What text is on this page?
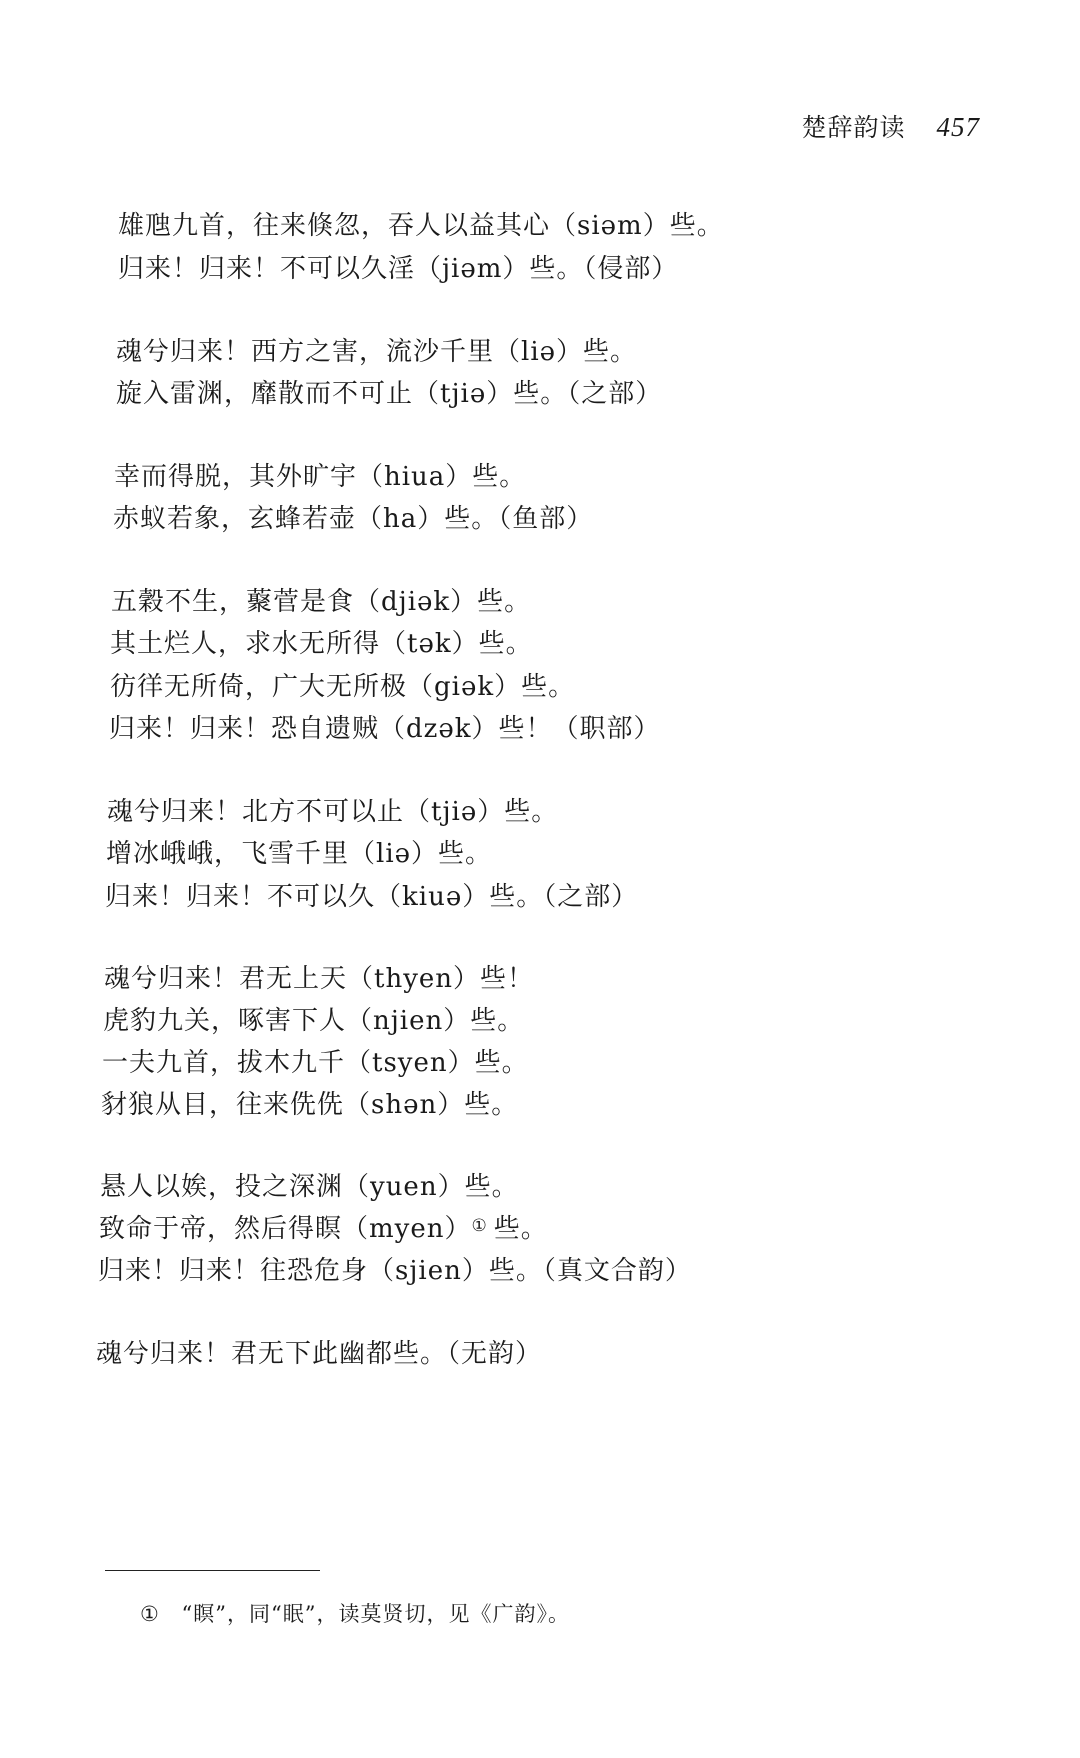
楚辞韵读 457
雄虺九首，往来倏忽，吞人以益其心（siəm）些。
归来！归来！不可以久淫（jiəm）些。（侵部）
魂兮归来！西方之害，流沙千里（liə）些。
旋入雷渊，靡散而不可止（tjiə）些。（之部）
幸而得脱，其外旷宇（hiua）些。
赤蚁若象，玄蜂若壶（ha）些。（鱼部）
五穀不生，藂菅是食（djiək）些。
其土烂人，求水无所得（tək）些。
彷徉无所倚，广大无所极（giək）些。
归来！归来！恐自遗贼（dzək）些！（职部）
魂兮归来！北方不可以止（tjiə）些。
增冰峨峨，飞雪千里（liə）些。
归来！归来！不可以久（kiuə）些。（之部）
魂兮归来！君无上天（thyen）些！
虎豹九关，啄害下人（njien）些。
一夫九首，拔木九千（tsyen）些。
豺狼从目，往来侁侁（shən）些。
悬人以娭，投之深渊（yuen）些。
致命于帝，然后得瞑（myen）① 些。
归来！归来！往恐危身（sjien）些。（真文合韵）
魂兮归来！君无下此幽都些。（无韵）
① “瞑”，同“眠”，读莫贤切，见《广韵》。
